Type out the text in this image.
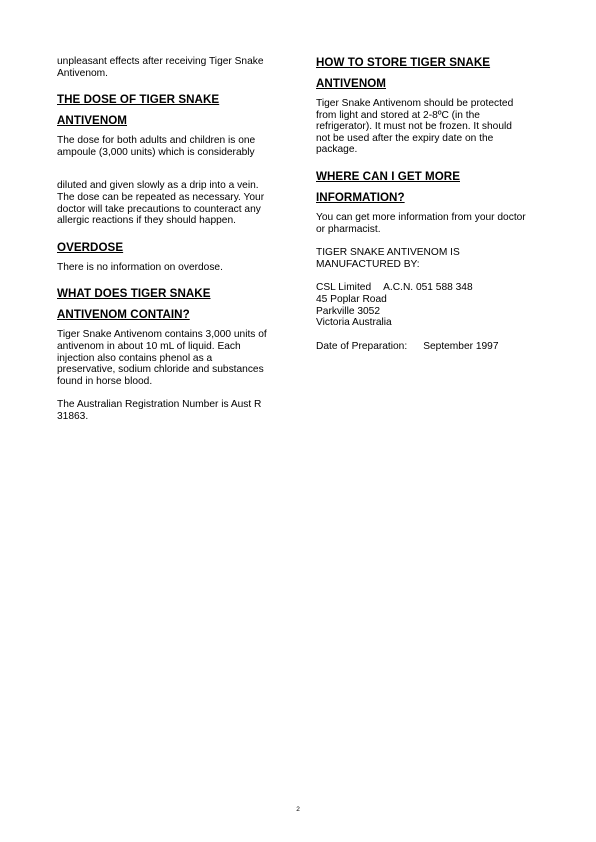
unpleasant effects after receiving Tiger Snake
Antivenom.

THE DOSE OF TIGER SNAKE
ANTIVENOM

The dose for both adults and children is one
ampoule (3,000 units) which is considerably

diluted and given slowly as a drip into a vein.
The dose can be repeated as necessary. Your
doctor will take precautions to counteract any
allergic reactions if they should happen.

OVERDOSE

There is no information on overdose.

WHAT DOES TIGER SNAKE
ANTIVENOM CONTAIN?

Tiger Snake Antivenom contains 3,000 units of
antivenom in about 10 mL of liquid. Each
injection also contains phenol as a
preservative, sodium chloride and substances
found in horse blood.

The Australian Registration Number is Aust R
31863.

HOW TO STORE TIGER SNAKE
ANTIVENOM

Tiger Snake Antivenom should be protected
from light and stored at 2-8ºC (in the
refrigerator). It must not be frozen. It should
not be used after the expiry date on the
package.

WHERE CAN I GET MORE
INFORMATION?

You can get more information from your doctor
or pharmacist.

TIGER SNAKE ANTIVENOM IS
MANUFACTURED BY:

CSL Limited A.C.N. 051 588 348
45 Poplar Road
Parkville 3052
Victoria Australia

Date of Preparation: September 1997

2
